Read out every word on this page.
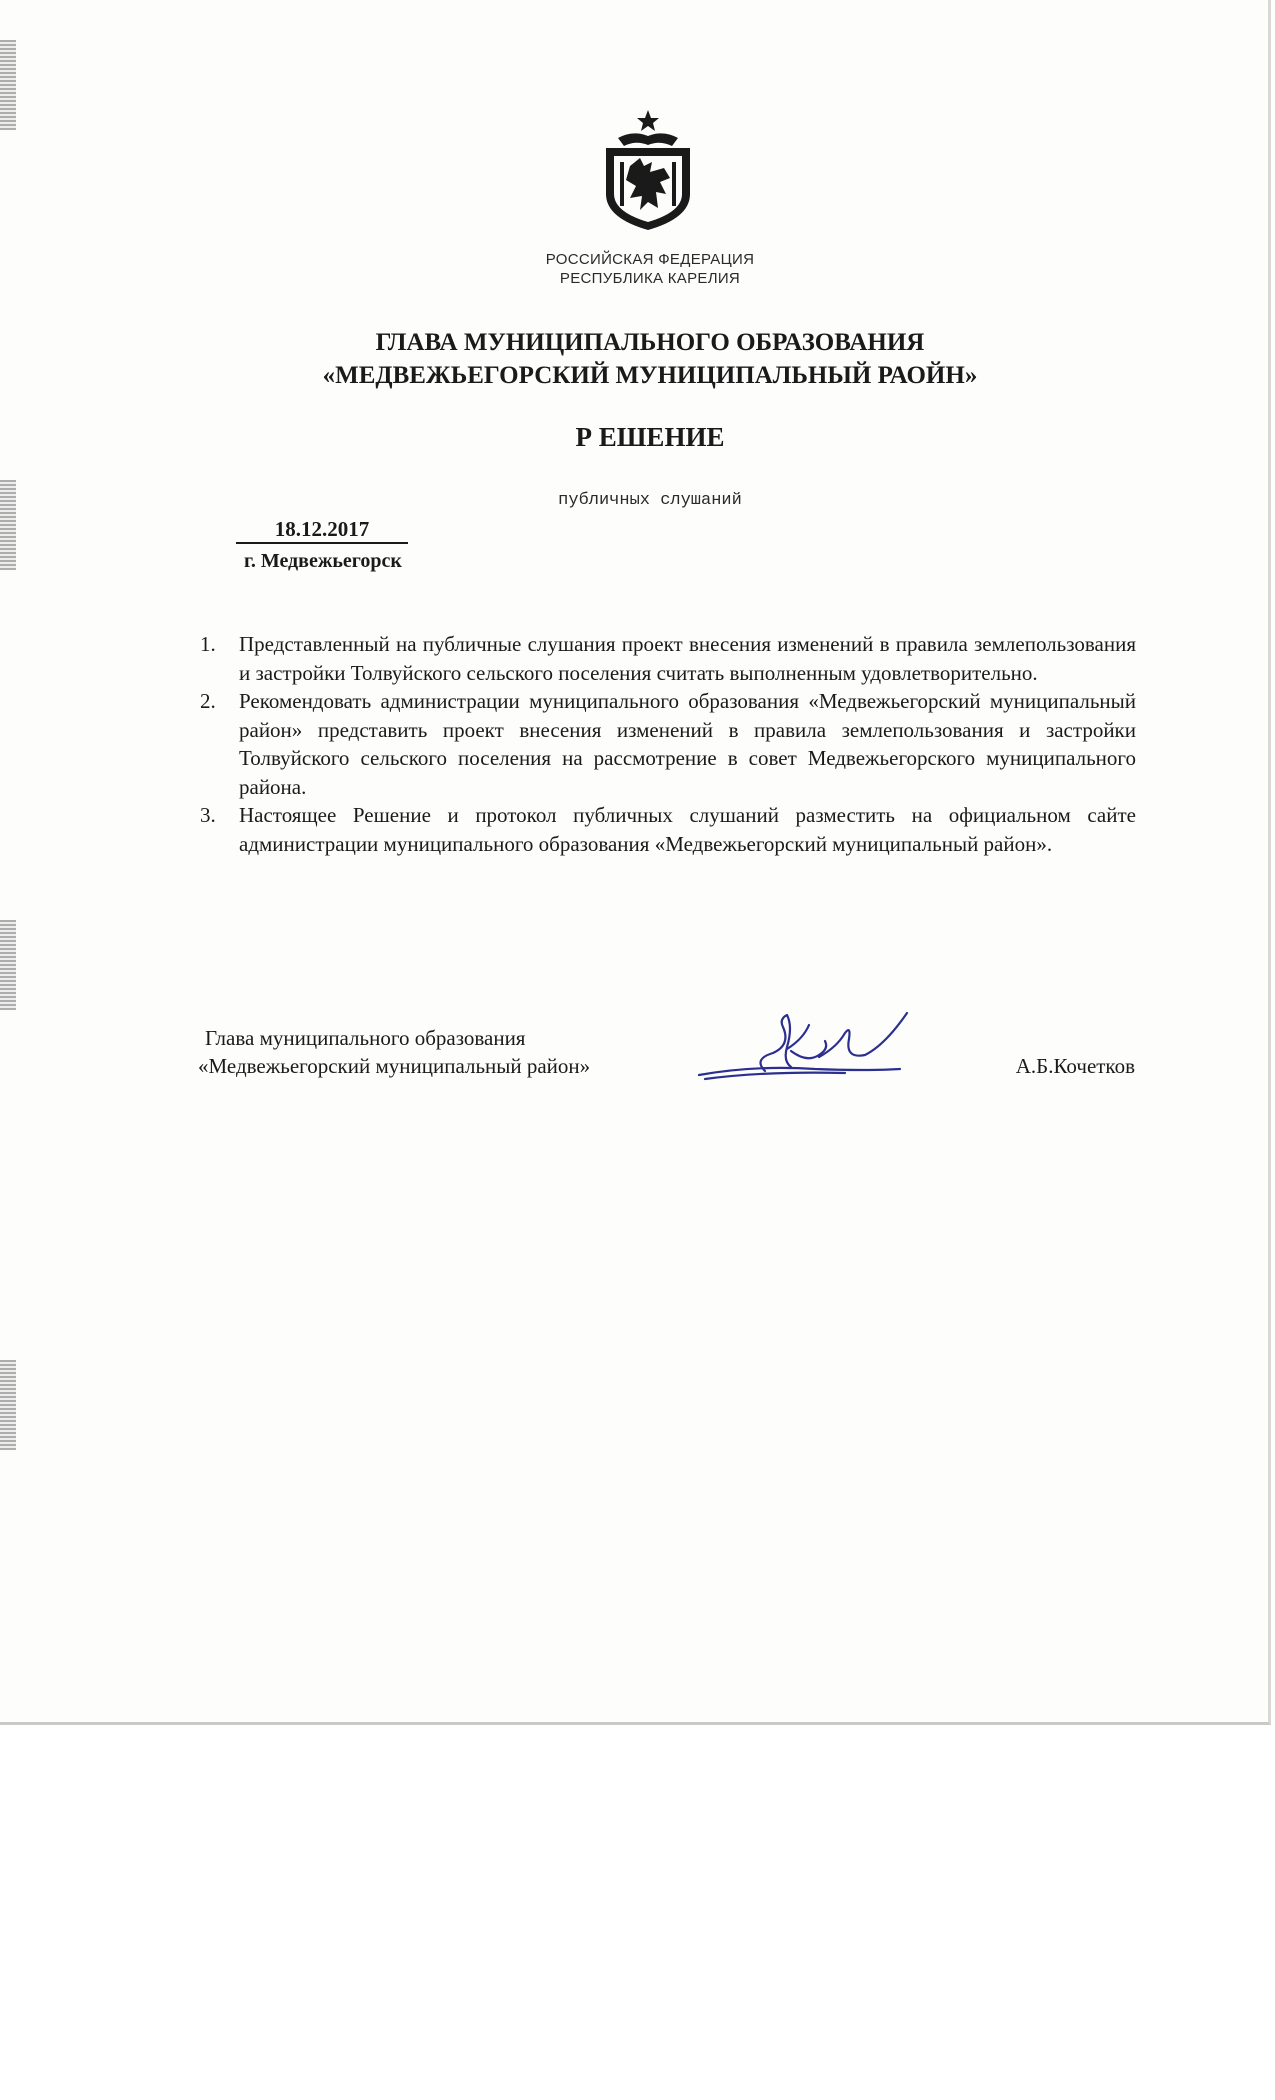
РОССИЙСКАЯ ФЕДЕРАЦИЯ
РЕСПУБЛИКА КАРЕЛИЯ
ГЛАВА МУНИЦИПАЛЬНОГО ОБРАЗОВАНИЯ
«МЕДВЕЖЬЕГОРСКИЙ МУНИЦИПАЛЬНЫЙ РАОЙН»
Р ЕШЕНИЕ
публичных слушаний
18.12.2017
г. Медвежьегорск
1. Представленный на публичные слушания проект внесения изменений в правила землепользования и застройки Толвуйского сельского поселения считать выполненным удовлетворительно.
2. Рекомендовать администрации муниципального образования «Медвежьегорский муниципальный район» представить проект внесения изменений в правила землепользования и застройки Толвуйского сельского поселения на рассмотрение в совет Медвежьегорского муниципального района.
3. Настоящее Решение и протокол публичных слушаний разместить на официальном сайте администрации муниципального образования «Медвежьегорский муниципальный район».
Глава муниципального образования
«Медвежьегорский муниципальный район»	А.Б.Кочетков
